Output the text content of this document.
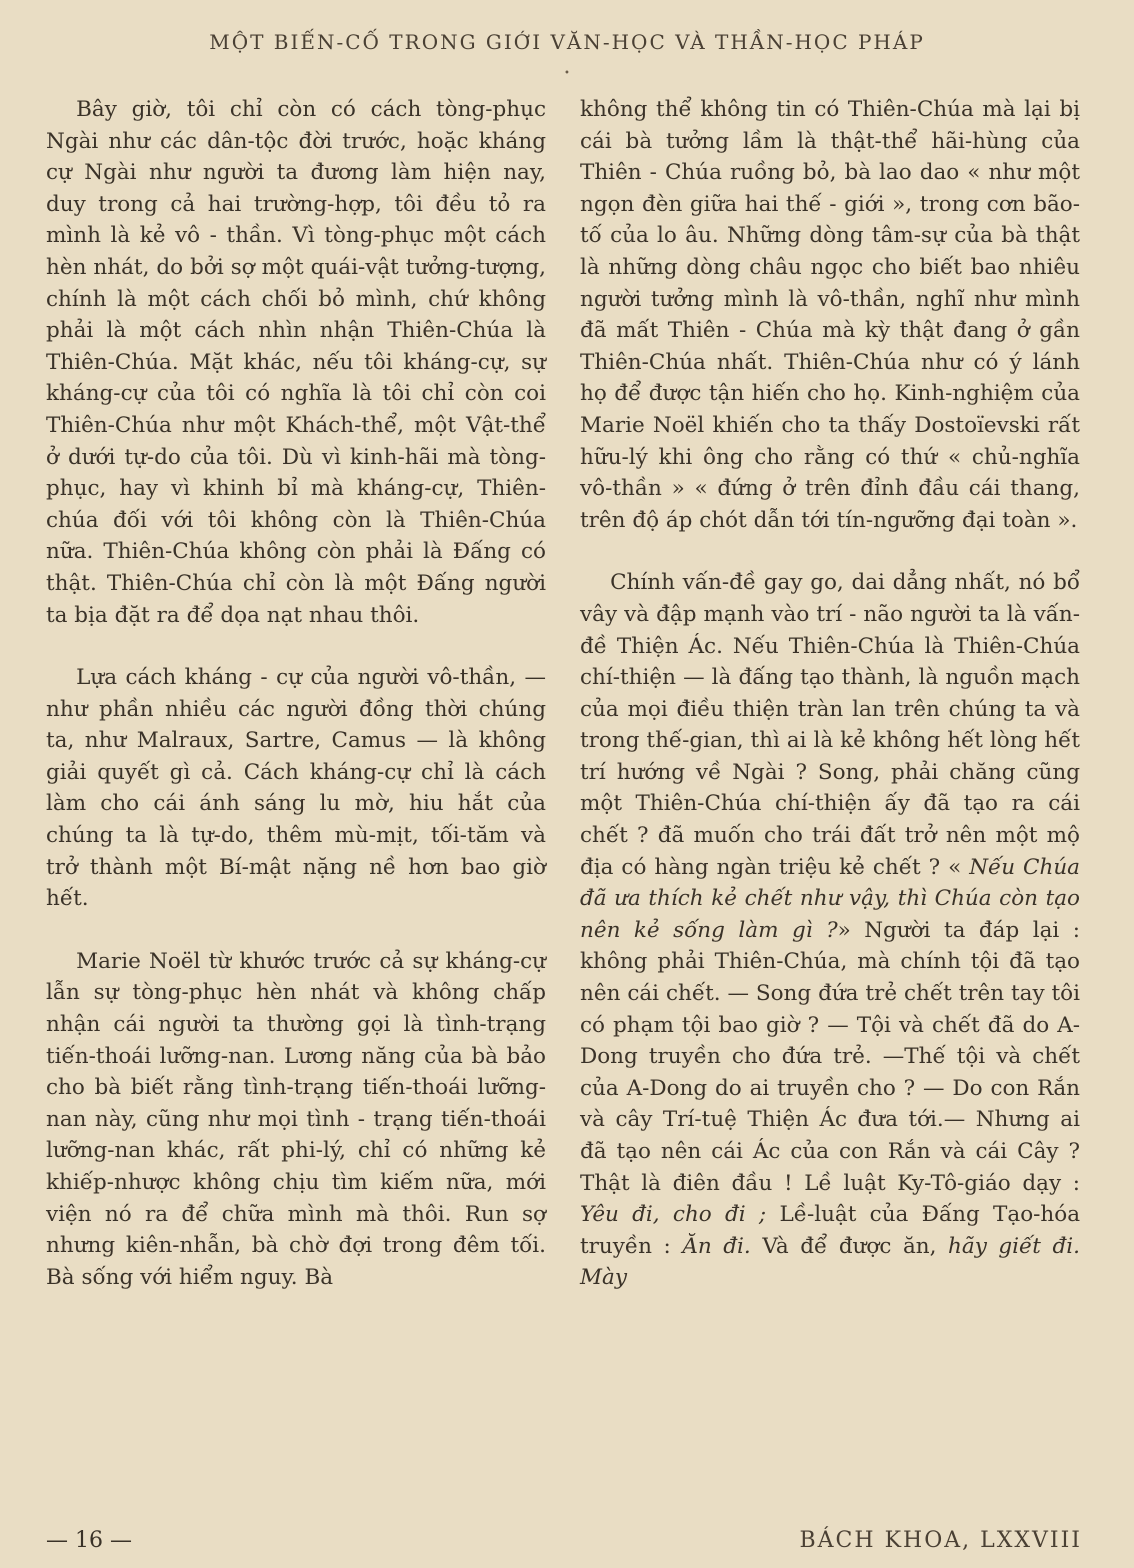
MỘT BIẾN-CỐ TRONG GIỚI VĂN-HỌC VÀ THẦN-HỌC PHÁP
•

Bây giờ, tôi chỉ còn có cách tòng-phục Ngài như các dân-tộc đời trước, hoặc kháng cự Ngài như người ta đương làm hiện nay, duy trong cả hai trường-hợp, tôi đều tỏ ra mình là kẻ vô - thần. Vì tòng-phục một cách hèn nhát, do bởi sợ một quái-vật tưởng-tượng, chính là một cách chối bỏ mình, chứ không phải là một cách nhìn nhận Thiên-Chúa là Thiên-Chúa. Mặt khác, nếu tôi kháng-cự, sự kháng-cự của tôi có nghĩa là tôi chỉ còn coi Thiên-Chúa như một Khách-thể, một Vật-thể ở dưới tự-do của tôi. Dù vì kinh-hãi mà tòng-phục, hay vì khinh bỉ mà kháng-cự, Thiên-chúa đối với tôi không còn là Thiên-Chúa nữa. Thiên-Chúa không còn phải là Đấng có thật. Thiên-Chúa chỉ còn là một Đấng người ta bịa đặt ra để dọa nạt nhau thôi.

Lựa cách kháng - cự của người vô-thần, — như phần nhiều các người đồng thời chúng ta, như Malraux, Sartre, Camus — là không giải quyết gì cả. Cách kháng-cự chỉ là cách làm cho cái ánh sáng lu mờ, hiu hắt của chúng ta là tự-do, thêm mù-mịt, tối-tăm và trở thành một Bí-mật nặng nề hơn bao giờ hết.

Marie Noël từ khước trước cả sự kháng-cự lẫn sự tòng-phục hèn nhát và không chấp nhận cái người ta thường gọi là tình-trạng tiến-thoái lưỡng-nan. Lương năng của bà bảo cho bà biết rằng tình-trạng tiến-thoái lưỡng-nan này, cũng như mọi tình - trạng tiến-thoái lưỡng-nan khác, rất phi-lý, chỉ có những kẻ khiếp-nhược không chịu tìm kiếm nữa, mới viện nó ra để chữa mình mà thôi. Run sợ nhưng kiên-nhẫn, bà chờ đợi trong đêm tối. Bà sống với hiểm nguy. Bà

không thể không tin có Thiên-Chúa mà lại bị cái bà tưởng lầm là thật-thể hãi-hùng của Thiên - Chúa ruồng bỏ, bà lao dao « như một ngọn đèn giữa hai thế - giới », trong cơn bão-tố của lo âu. Những dòng tâm-sự của bà thật là những dòng châu ngọc cho biết bao nhiêu người tưởng mình là vô-thần, nghĩ như mình đã mất Thiên - Chúa mà kỳ thật đang ở gần Thiên-Chúa nhất. Thiên-Chúa như có ý lánh họ để được tận hiến cho họ. Kinh-nghiệm của Marie Noël khiến cho ta thấy Dostoïevski rất hữu-lý khi ông cho rằng có thứ « chủ-nghĩa vô-thần » « đứng ở trên đỉnh đầu cái thang, trên độ áp chót dẫn tới tín-ngưỡng đại toàn ».

Chính vấn-đề gay go, dai dẳng nhất, nó bổ vây và đập mạnh vào trí - não người ta là vấn-đề Thiện Ác. Nếu Thiên-Chúa là Thiên-Chúa chí-thiện — là đấng tạo thành, là nguồn mạch của mọi điều thiện tràn lan trên chúng ta và trong thế-gian, thì ai là kẻ không hết lòng hết trí hướng về Ngài ? Song, phải chăng cũng một Thiên-Chúa chí-thiện ấy đã tạo ra cái chết ? đã muốn cho trái đất trở nên một mộ địa có hàng ngàn triệu kẻ chết ? « Nếu Chúa đã ưa thích kẻ chết như vậy, thì Chúa còn tạo nên kẻ sống làm gì ?» Người ta đáp lại : không phải Thiên-Chúa, mà chính tội đã tạo nên cái chết. — Song đứa trẻ chết trên tay tôi có phạm tội bao giờ ? — Tội và chết đã do A-Dong truyền cho đứa trẻ. —Thế tội và chết của A-Dong do ai truyền cho ? — Do con Rắn và cây Trí-tuệ Thiện Ác đưa tới.— Nhưng ai đã tạo nên cái Ác của con Rắn và cái Cây ? Thật là điên đầu ! Lề luật Ky-Tô-giáo dạy : Yêu đi, cho đi ; Lề-luật của Đấng Tạo-hóa truyền : Ăn đi. Và để được ăn, hãy giết đi. Mày

— 16 —	BÁCH KHOA, LXXVIII
